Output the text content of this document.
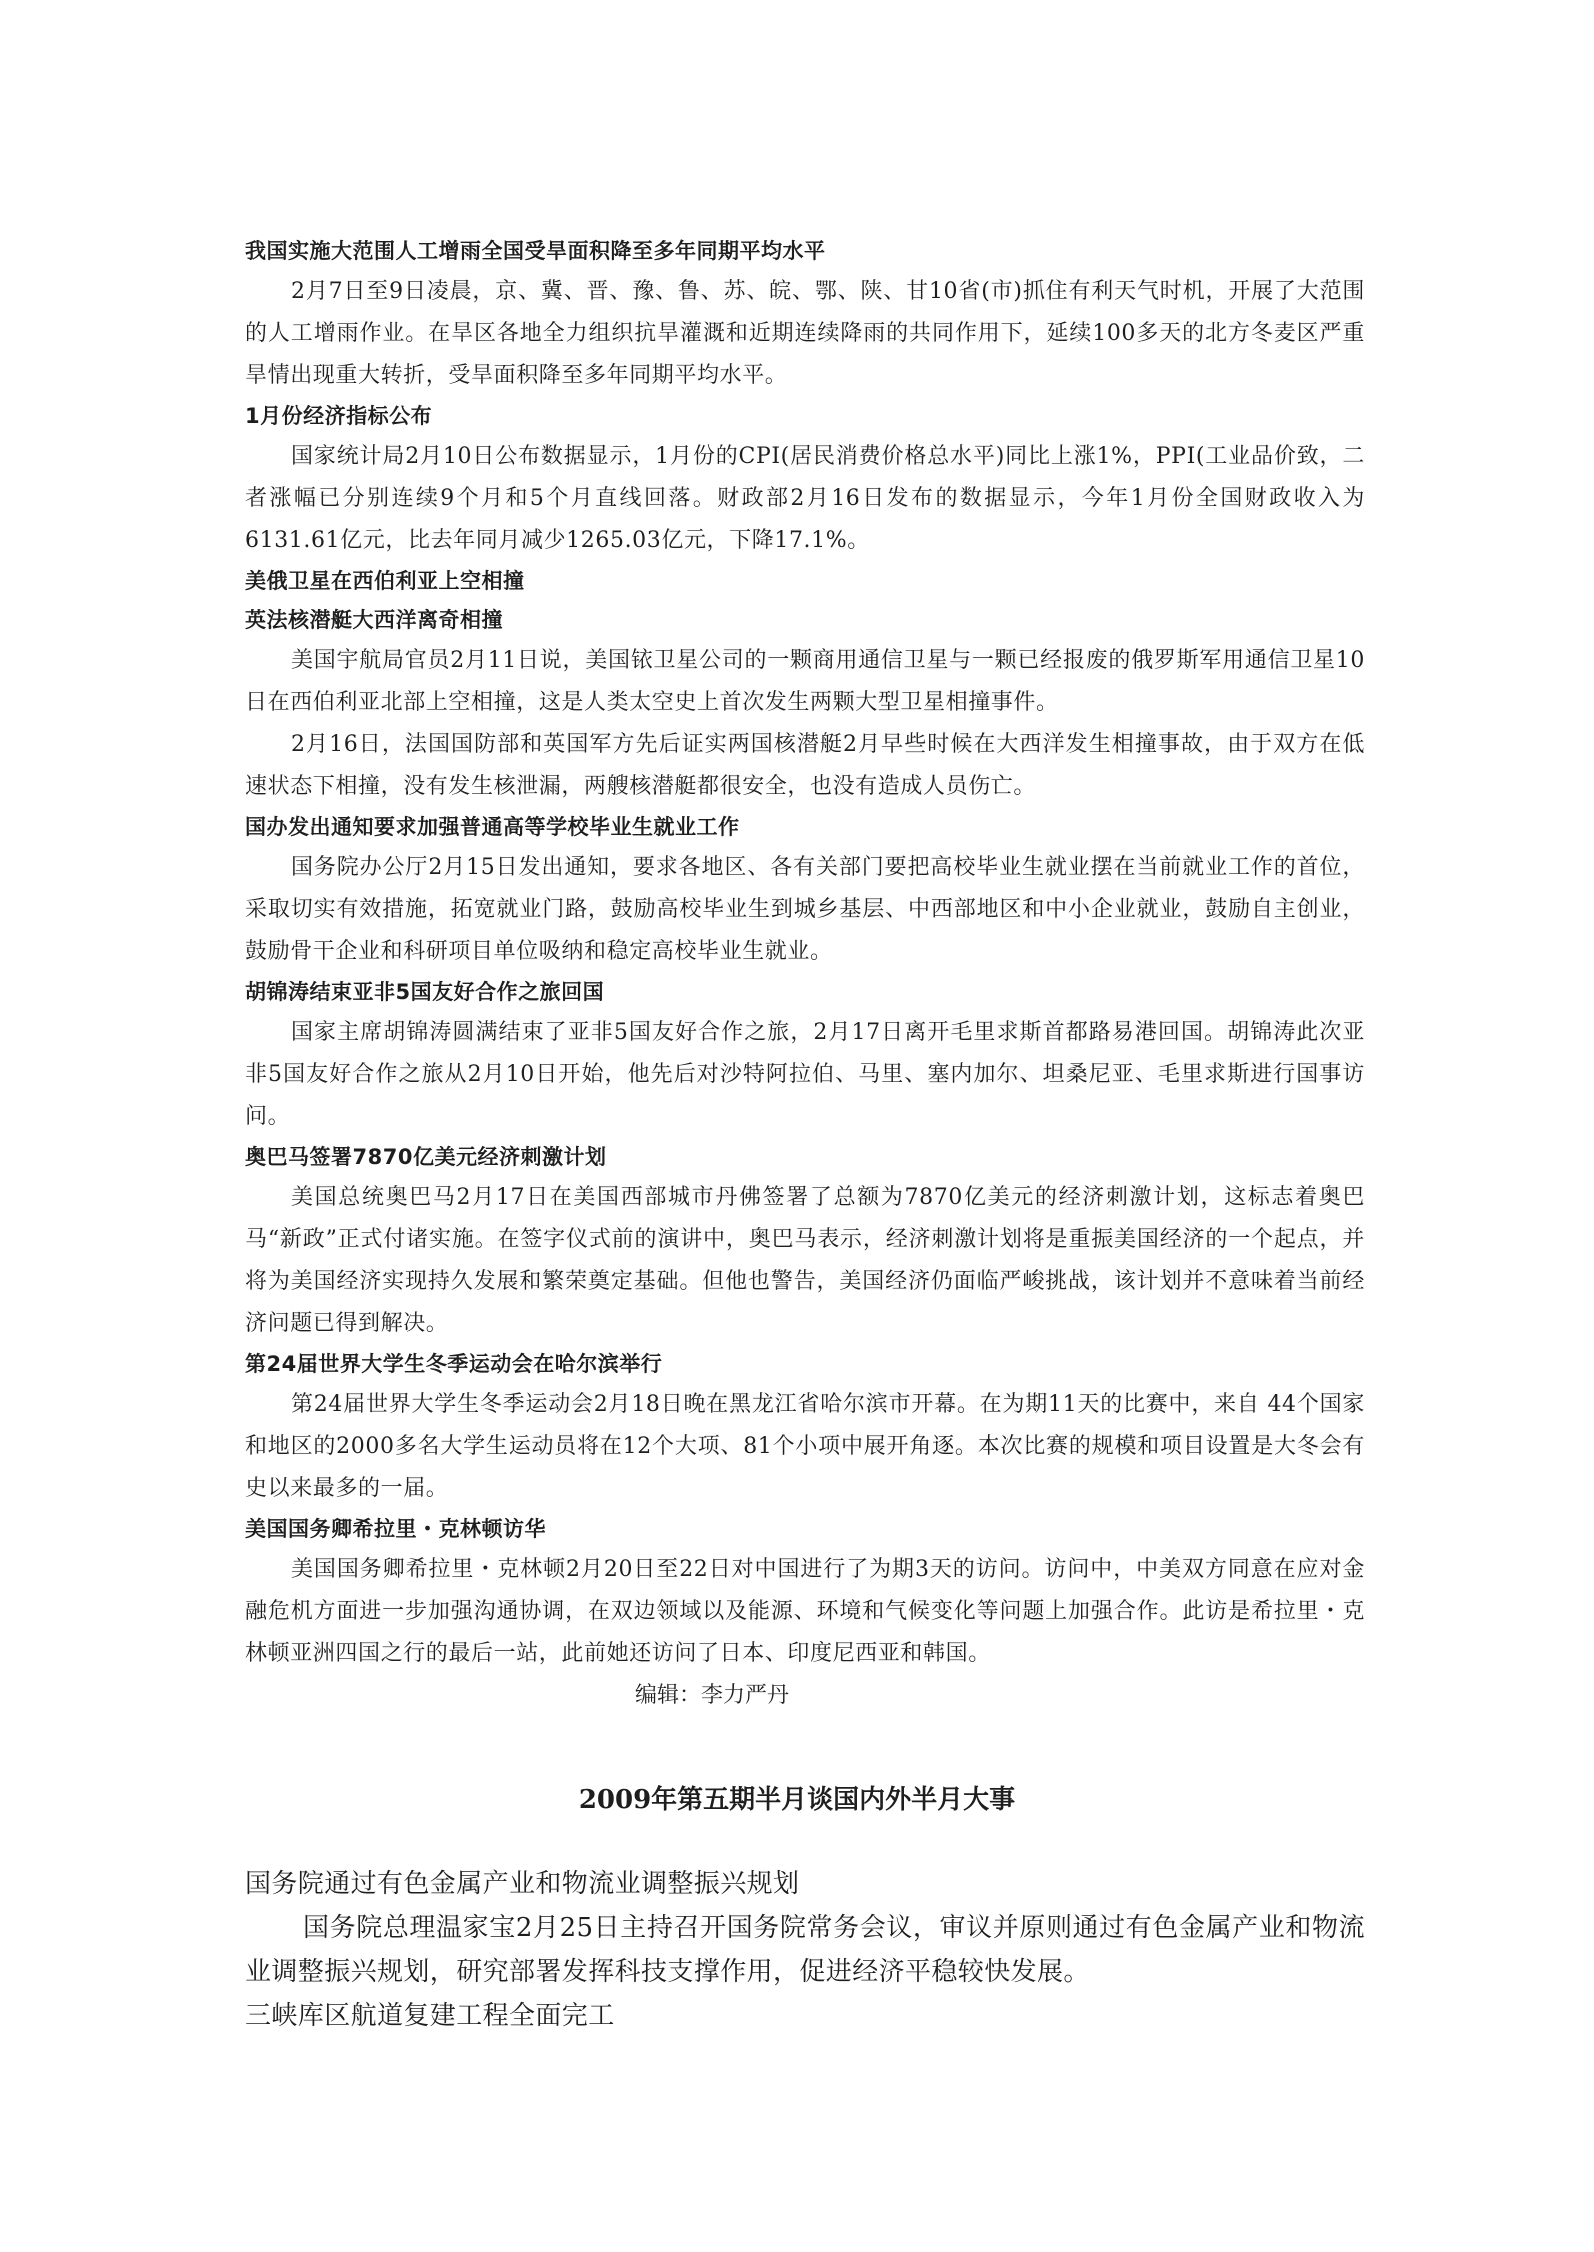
我国实施大范围人工增雨全国受旱面积降至多年同期平均水平

2月7日至9日凌晨，京、冀、晋、豫、鲁、苏、皖、鄂、陕、甘10省(市)抓住有利天气时机，开展了大范围的人工增雨作业。在旱区各地全力组织抗旱灌溉和近期连续降雨的共同作用下，延续100多天的北方冬麦区严重旱情出现重大转折，受旱面积降至多年同期平均水平。

1月份经济指标公布

国家统计局2月10日公布数据显示，1月份的CPI(居民消费价格总水平)同比上涨1%，PPI(工业品价致，二者涨幅已分别连续9个月和5个月直线回落。财政部2月16日发布的数据显示，今年1月份全国财政收入为6131.61亿元，比去年同月减少1265.03亿元，下降17.1%。

美俄卫星在西伯利亚上空相撞
英法核潜艇大西洋离奇相撞

美国宇航局官员2月11日说，美国铱卫星公司的一颗商用通信卫星与一颗已经报废的俄罗斯军用通信卫星10日在西伯利亚北部上空相撞，这是人类太空史上首次发生两颗大型卫星相撞事件。

2月16日，法国国防部和英国军方先后证实两国核潜艇2月早些时候在大西洋发生相撞事故，由于双方在低速状态下相撞，没有发生核泄漏，两艘核潜艇都很安全，也没有造成人员伤亡。

国办发出通知要求加强普通高等学校毕业生就业工作

国务院办公厅2月15日发出通知，要求各地区、各有关部门要把高校毕业生就业摆在当前就业工作的首位，采取切实有效措施，拓宽就业门路，鼓励高校毕业生到城乡基层、中西部地区和中小企业就业，鼓励自主创业，鼓励骨干企业和科研项目单位吸纳和稳定高校毕业生就业。

胡锦涛结束亚非5国友好合作之旅回国

国家主席胡锦涛圆满结束了亚非5国友好合作之旅，2月17日离开毛里求斯首都路易港回国。胡锦涛此次亚非5国友好合作之旅从2月10日开始，他先后对沙特阿拉伯、马里、塞内加尔、坦桑尼亚、毛里求斯进行国事访问。

奥巴马签署7870亿美元经济刺激计划

美国总统奥巴马2月17日在美国西部城市丹佛签署了总额为7870亿美元的经济刺激计划，这标志着奥巴马“新政”正式付诸实施。在签字仪式前的演讲中，奥巴马表示，经济刺激计划将是重振美国经济的一个起点，并将为美国经济实现持久发展和繁荣奠定基础。但他也警告，美国经济仍面临严峻挑战，该计划并不意味着当前经济问题已得到解决。

第24届世界大学生冬季运动会在哈尔滨举行

第24届世界大学生冬季运动会2月18日晚在黑龙江省哈尔滨市开幕。在为期11天的比赛中，来自 44个国家和地区的2000多名大学生运动员将在12个大项、81个小项中展开角逐。本次比赛的规模和项目设置是大冬会有史以来最多的一届。

美国国务卿希拉里・克林顿访华

美国国务卿希拉里・克林顿2月20日至22日对中国进行了为期3天的访问。访问中，中美双方同意在应对金融危机方面进一步加强沟通协调，在双边领域以及能源、环境和气候变化等问题上加强合作。此访是希拉里・克林顿亚洲四国之行的最后一站，此前她还访问了日本、印度尼西亚和韩国。

编辑：李力严丹

2009年第五期半月谈国内外半月大事
国务院通过有色金属产业和物流业调整振兴规划

国务院总理温家宝2月25日主持召开国务院常务会议，审议并原则通过有色金属产业和物流业调整振兴规划，研究部署发挥科技支撑作用，促进经济平稳较快发展。

三峡库区航道复建工程全面完工
